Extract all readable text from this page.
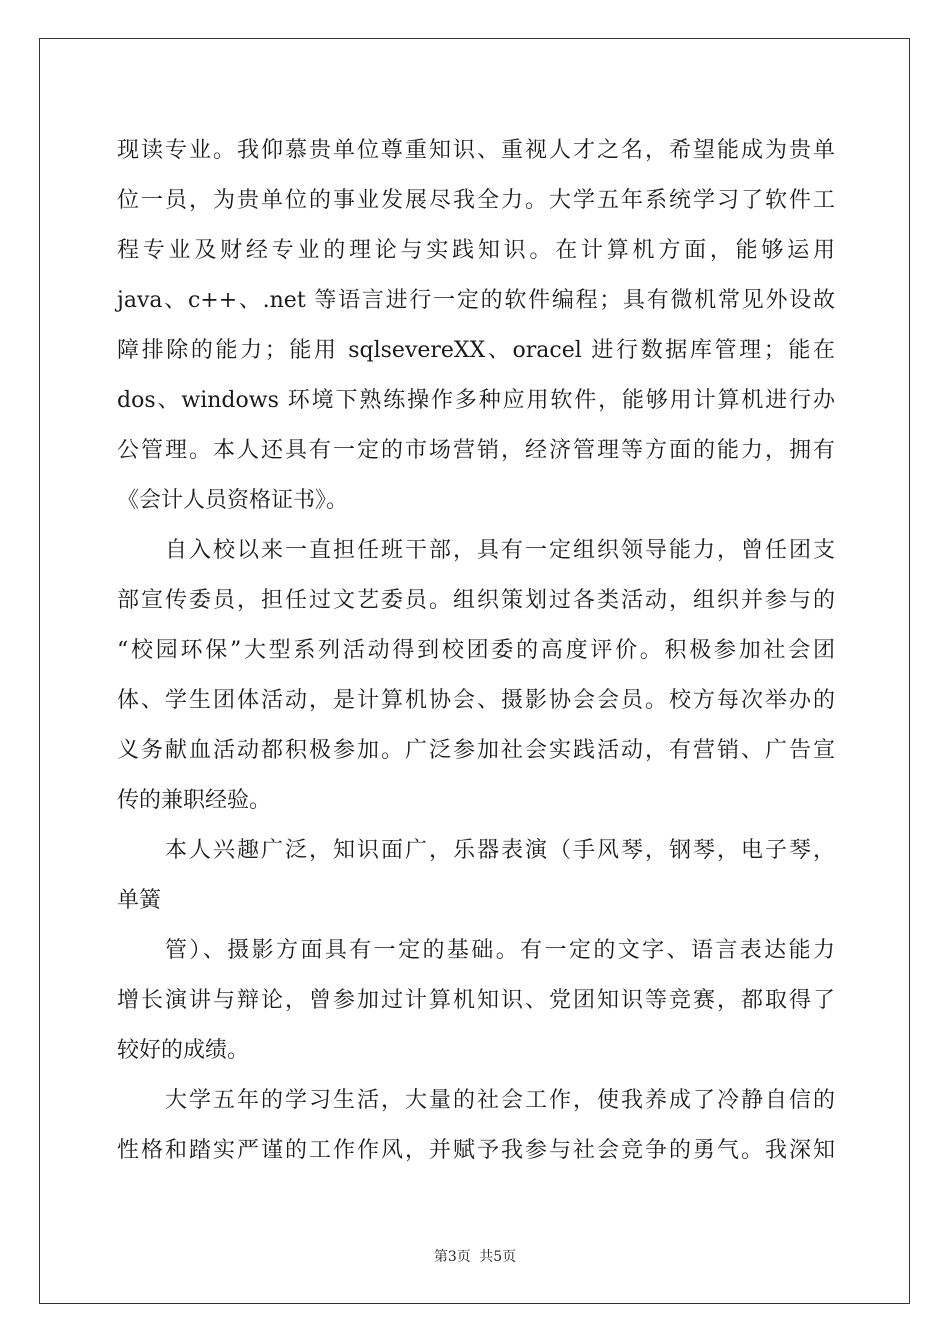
现读专业。我仰慕贵单位尊重知识、重视人才之名，希望能成为贵单
位一员，为贵单位的事业发展尽我全力。大学五年系统学习了软件工
程专业及财经专业的理论与实践知识。在计算机方面，能够运用
java、c++、.net 等语言进行一定的软件编程；具有微机常见外设故
障排除的能力；能用 sqlsevereXX、oracel 进行数据库管理；能在
dos、windows 环境下熟练操作多种应用软件，能够用计算机进行办
公管理。本人还具有一定的市场营销，经济管理等方面的能力，拥有
《会计人员资格证书》。
自入校以来一直担任班干部，具有一定组织领导能力，曾任团支
部宣传委员，担任过文艺委员。组织策划过各类活动，组织并参与的
“校园环保”大型系列活动得到校团委的高度评价。积极参加社会团
体、学生团体活动，是计算机协会、摄影协会会员。校方每次举办的
义务献血活动都积极参加。广泛参加社会实践活动，有营销、广告宣
传的兼职经验。
本人兴趣广泛，知识面广，乐器表演（手风琴，钢琴，电子琴，
单簧
管）、摄影方面具有一定的基础。有一定的文字、语言表达能力
增长演讲与辩论，曾参加过计算机知识、党团知识等竞赛，都取得了
较好的成绩。
大学五年的学习生活，大量的社会工作，使我养成了冷静自信的
性格和踏实严谨的工作作风，并赋予我参与社会竞争的勇气。我深知
第3页 共5页
